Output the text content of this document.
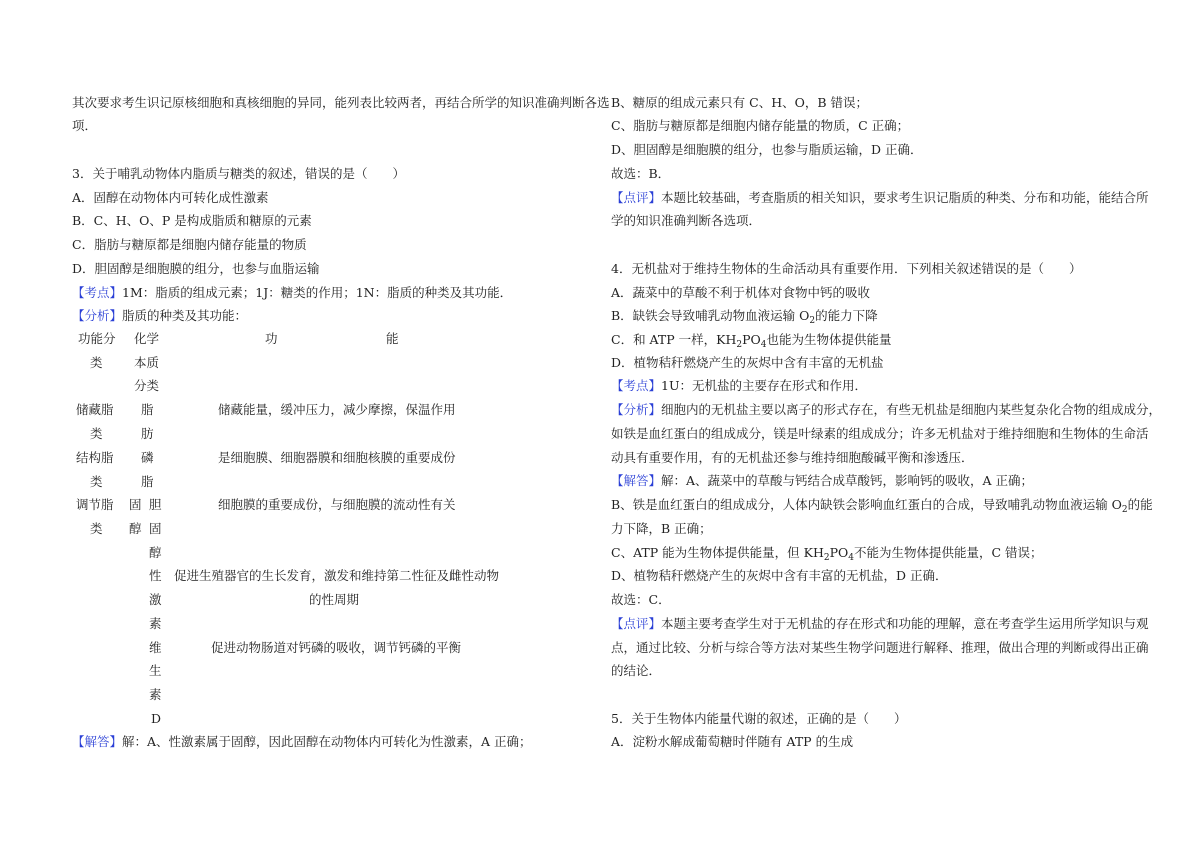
其次要求考生识记原核细胞和真核细胞的异同，能列表比较两者，再结合所学的知识准确判断各选
项．
3．关于哺乳动物体内脂质与糖类的叙述，错误的是（　　）
A．固醇在动物体内可转化成性激素
B．C、H、O、P 是构成脂质和糖原的元素
C．脂肪与糖原都是细胞内储存能量的物质
D．胆固醇是细胞膜的组分，也参与血脂运输
【考点】1M：脂质的组成元素；1J：糖类的作用；1N：脂质的种类及其功能．
【分析】脂质的种类及其功能：
功能分
类
化学
本质
分类
功	能
储藏脂
类
脂
肪
储藏能量，缓冲压力，减少摩擦，保温作用
结构脂
类
磷
脂
是细胞膜、细胞器膜和细胞核膜的重要成份
调节脂
类
固
醇
胆
固
醇
细胞膜的重要成份，与细胞膜的流动性有关
性
激
素
促进生殖器官的生长发育，激发和维持第二性征及雌性动物
的性周期
维
生
素
D
促进动物肠道对钙磷的吸收，调节钙磷的平衡
【解答】解：A、性激素属于固醇，因此固醇在动物体内可转化为性激素，A 正确；
B、糖原的组成元素只有 C、H、O，B 错误；
C、脂肪与糖原都是细胞内储存能量的物质，C 正确；
D、胆固醇是细胞膜的组分，也参与脂质运输，D 正确．
故选：B．
【点评】本题比较基础，考查脂质的相关知识，要求考生识记脂质的种类、分布和功能，能结合所
学的知识准确判断各选项．
4．无机盐对于维持生物体的生命活动具有重要作用．下列相关叙述错误的是（　　）
A．蔬菜中的草酸不利于机体对食物中钙的吸收
B．缺铁会导致哺乳动物血液运输 $O_2$的能力下降
C．和 ATP 一样，$KH_2PO_4$也能为生物体提供能量
D．植物秸秆燃烧产生的灰烬中含有丰富的无机盐
【考点】1U：无机盐的主要存在形式和作用．
【分析】细胞内的无机盐主要以离子的形式存在，有些无机盐是细胞内某些复杂化合物的组成成分，
如铁是血红蛋白的组成成分，镁是叶绿素的组成成分；许多无机盐对于维持细胞和生物体的生命活
动具有重要作用，有的无机盐还参与维持细胞酸碱平衡和渗透压．
【解答】解：A、蔬菜中的草酸与钙结合成草酸钙，影响钙的吸收，A 正确；
B、铁是血红蛋白的组成成分，人体内缺铁会影响血红蛋白的合成，导致哺乳动物血液运输 $O_2$的能
力下降，B 正确；
C、ATP 能为生物体提供能量，但 $KH_2PO_4$不能为生物体提供能量，C 错误；
D、植物秸秆燃烧产生的灰烬中含有丰富的无机盐，D 正确．
故选：C．
【点评】本题主要考查学生对于无机盐的存在形式和功能的理解，意在考查学生运用所学知识与观
点，通过比较、分析与综合等方法对某些生物学问题进行解释、推理，做出合理的判断或得出正确
的结论．
5．关于生物体内能量代谢的叙述，正确的是（　　）
A．淀粉水解成葡萄糖时伴随有 ATP 的生成
